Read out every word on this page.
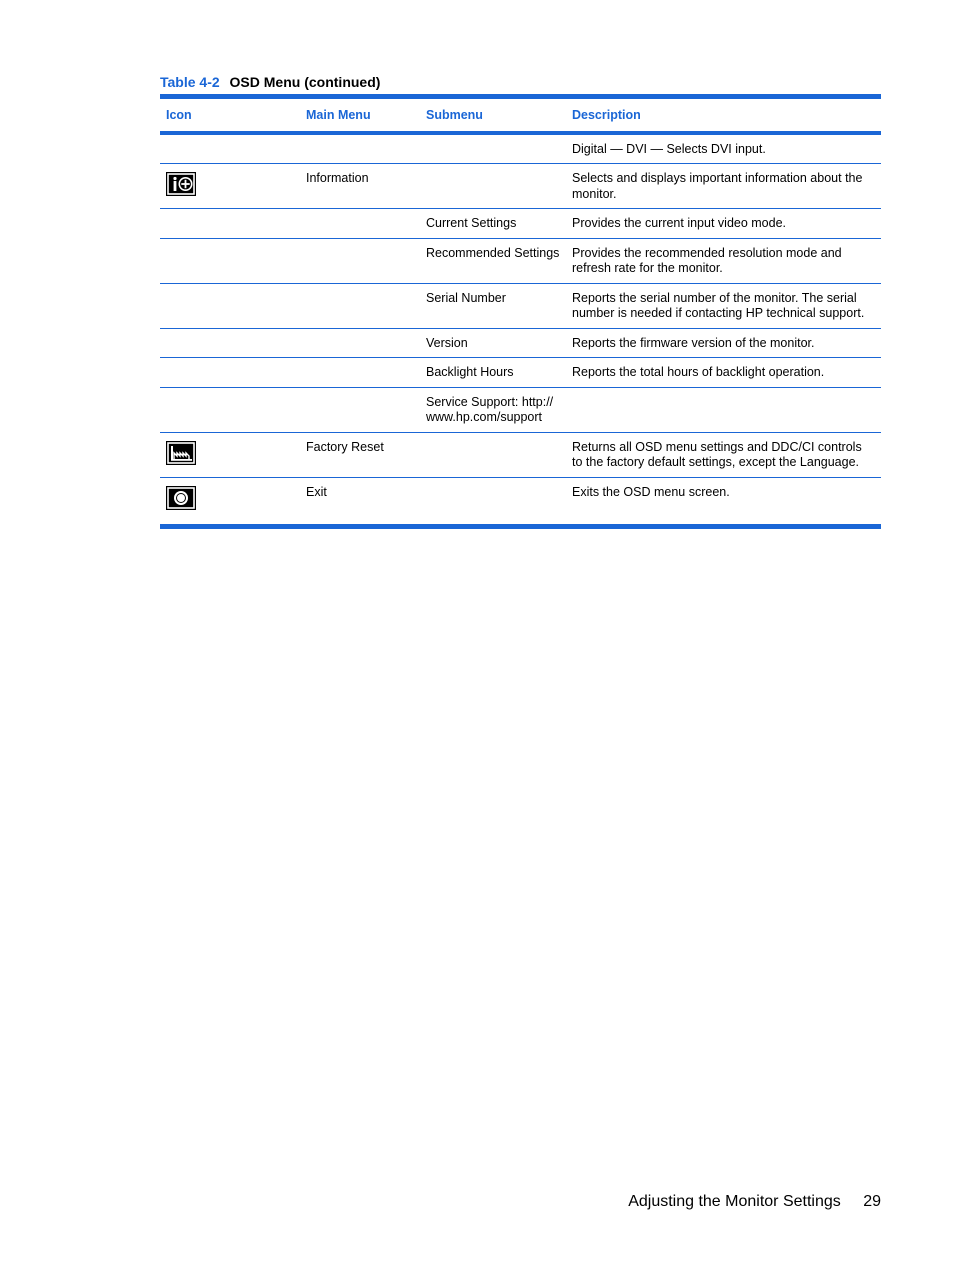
Table 4-2 OSD Menu (continued)
Icon	Main Menu	Submenu	Description
			Digital — DVI — Selects DVI input.

	Information		Selects and displays important information about the monitor.
		Current Settings	Provides the current input video mode.
		Recommended Settings	Provides the recommended resolution mode and refresh rate for the monitor.
		Serial Number	Reports the serial number of the monitor. The serial number is needed if contacting HP technical support.
		Version	Reports the firmware version of the monitor.
		Backlight Hours	Reports the total hours of backlight operation.
		Service Support: http:// www.hp.com/support	

	Factory Reset		Returns all OSD menu settings and DDC/CI controls to the factory default settings, except the Language.

	Exit		Exits the OSD menu screen.
Adjusting the Monitor Settings 29
